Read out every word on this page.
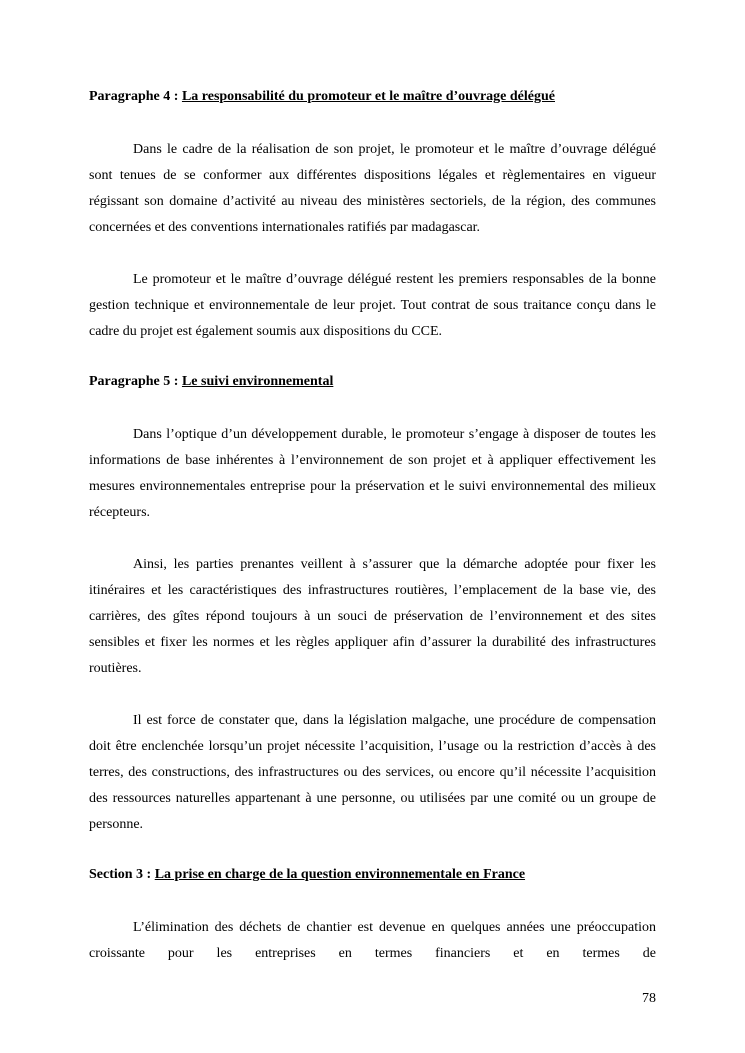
Paragraphe 4 : La responsabilité du promoteur et le maître d’ouvrage délégué

Dans le cadre de la réalisation de son projet, le promoteur et le maître d’ouvrage délégué sont tenues de se conformer aux différentes dispositions légales et règlementaires en vigueur régissant son domaine d’activité au niveau des ministères sectoriels, de la région, des communes concernées et des conventions internationales ratifiés par madagascar.

Le promoteur et le maître d’ouvrage délégué restent les premiers responsables de la bonne gestion technique et environnementale de leur projet. Tout contrat de sous traitance conçu dans le cadre du projet est également soumis aux dispositions du CCE.

Paragraphe 5 : Le suivi environnemental

Dans l’optique d’un développement durable, le promoteur s’engage à disposer de toutes les informations de base inhérentes à l’environnement de son projet et à appliquer effectivement les mesures environnementales entreprise pour la préservation et le suivi environnemental des milieux récepteurs.

Ainsi, les parties prenantes veillent à s’assurer que la démarche adoptée pour fixer les itinéraires et les caractéristiques des infrastructures routières, l’emplacement de la base vie, des carrières, des gîtes répond toujours à un souci de préservation de l’environnement et des sites sensibles et fixer les normes et les règles appliquer afin d’assurer la durabilité des infrastructures routières.

Il est force de constater que, dans la législation malgache, une procédure de compensation doit être enclenchée lorsqu’un projet nécessite l’acquisition, l’usage ou la restriction d’accès à des terres, des constructions, des infrastructures ou des services, ou encore qu’il nécessite l’acquisition des ressources naturelles appartenant à une personne, ou utilisées par une comité ou un groupe de personne.

Section 3 : La prise en charge de la question environnementale en France

L’élimination des déchets de chantier est devenue en quelques années une préoccupation croissante pour les entreprises en termes financiers et en termes de

78
